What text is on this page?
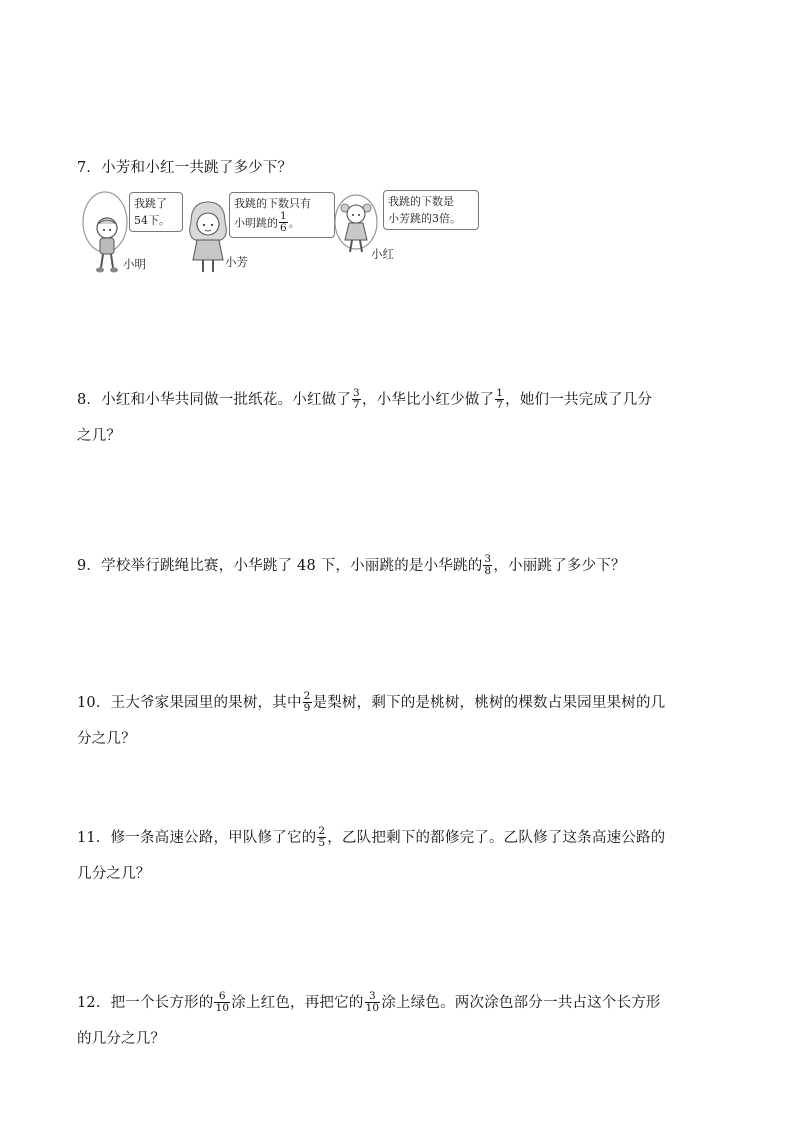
7．小芳和小红一共跳了多少下？
我跳了
54下。
小明
我跳的下数只有
小明跳的 $\frac{1}{6}$ 。
小芳
我跳的下数是
小芳跳的3倍。
小红
8．小红和小华共同做一批纸花。小红做了 $\frac{3}{7}$ ，小华比小红少做了 $\frac{1}{7}$ ，她们一共完成了几分
之几？
9．学校举行跳绳比赛，小华跳了 48 下，小丽跳的是小华跳的 $\frac{3}{8}$ ，小丽跳了多少下？
10．王大爷家果园里的果树，其中 $\frac{2}{9}$ 是梨树，剩下的是桃树，桃树的棵数占果园里果树的几
分之几？
11．修一条高速公路，甲队修了它的 $\frac{2}{5}$ ，乙队把剩下的都修完了。乙队修了这条高速公路的
几分之几？
12．把一个长方形的 $\frac{6}{10}$ 涂上红色，再把它的 $\frac{3}{10}$ 涂上绿色。两次涂色部分一共占这个长方形
的几分之几？
